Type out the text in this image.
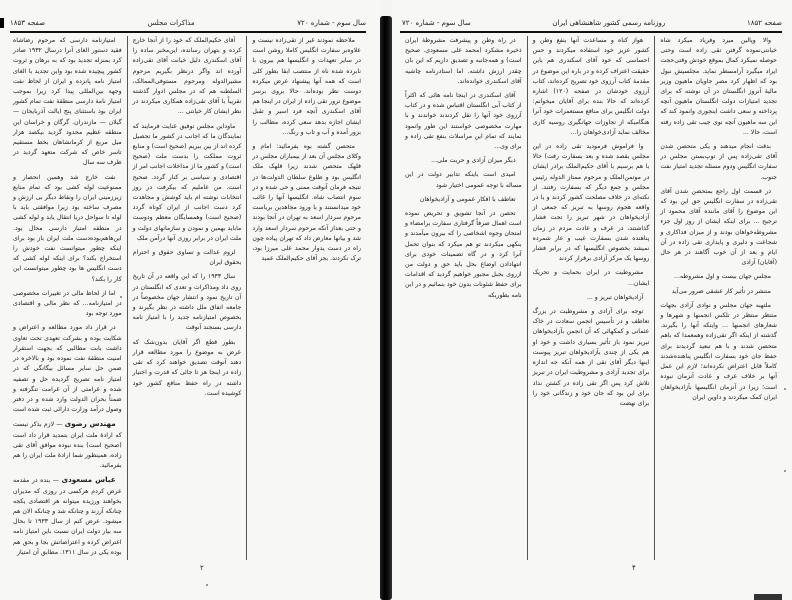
سال سوم - شماره ۷۲۰
مذاکرات مجلس
صفحه ۱۸۵۳

ملاحظه نمودند غیر از تقی‌زاده نیست و علاوه‌بر سفارت انگلیس کاملا روشن است در سایر تعهدات و انگلیسها هم بیرون با نابرده شده ناه از منتصب ابقا بطور کلی است که همه آنها پیشنهاد عرض‌ میکرده دوست نظر بوده‌اند. حالا بروی برسر موضوع ترور تقی زاده از ایران در اینجا هم آقای اسکندری آنچه فرد اسیر و تقبل ایشان اجازه بدهد سعی کرده، مطالب را بزور آمده و آب و تاب و رنگ...

متحصن گشته بوه بفرمائید: امام و وکلای مجلس آن بعد از بیمباران مجلس در قلهک متحصن شدند زیرا قلهک ملک انگلیس بود و طلوع سلطان الدولت‌ها در نتیجه فرمان آنوقت ممنی و حی شده و در سوم انتصاب شاه. انگلیسها آنها را غائب خود میدانستند و با ورود مجاهدین بریاست مرحوم سردار اسعد به تهران در آنجا بودند و حتی بعداز آنکه مرحوم سردار اسعد وارد شد و بیانها معارض داد که تهران پیاده چون راه در دست یدوار محمد علی میرزا بود، ترک نکردند. بجز آقای حکیم‌الملک عمید

آقای حکیم‌الملک که خود را از آنجا خارج کرده و بتهران رسانده، این‌مخبر ساده را آقای اسکندری دلیل خیانت آقای تقی‌زاده آورده اند واگر ‌درنظر بگیریم مرحوم مشیرالدوله ومرحوم مستوفی‌الممالک، السلطنه هم که در مجلس ادوار گذشته تقریباً با آقای تقی‌زاده همکاری میکردند در نظر ایشان کار خیانتی ...

ماوداین مجلس توفیق عنایت فرمایند که نمایندگان ما که اجانب در کشور ما تحصیل کرده اند از بین ببریم (صحیح است) و منابع ثروت مملکت را بدست ملت (صحیح است) و کشور ما از مداخلات اجانب امر از اقتصادی و سیاسی بر کنار گردد. صحیح است. من عاملیم که بیکرفت در روز انتخابات نوشته ام باید کوشش و مجاهدت کرد دست اجانب از ایران کوتاه گردد (صحیح است) وهمسایگان معظم ودوست ماباید بهمین و نمودن و سازمانهای دولت و ملت ایران در برابر روزی آنها درآمن ملک

لزوم عدالت و تساوی حقوق و احترام بحقوق ایران

سال ۱۹۳۳ را که این واقعه در آن تاریخ روی داد ومذاکرات و تعدی که انگلستان در آن تاریخ نمود و انتشار جهان مخصوصاً در جامعه اتفاق ملل داشته در نظر بگیرند و بخصوص امتیازنامه جدید را با امتیاز نامه دارسی بسنجند آنوقت

بطور قطع اگر آقایان بدون‌شک که عرض‌ به موضوع را مورد مطالعه قرار دهند آنوقت تصدیق خواهند کرد که تقی زاده در اینجا هر تا جائی که قدرت و اختیار داشته در راه حفظ منافع کشور خود کوشیده است.

امتیازنامه دارسی که مرحوم رضاشاه فقید دستور الغای آنرا درسال ۱۹۳۲ صادر کرد بمنزله تجدید بود که به برهان و ثروت کشور پیچیده شده بود واین تجدید با الغای امتیاز نامه پانزده و ایران از لحاظ نفت وجهة بین‌المللی پیدا کرد زیرا بموجب امتیاز نامهٔ دارسی منطقهٔ نفت تمام کشور ایران بود باستثنای پنج ایالت آذربایجان — گیلان — مازندران. گرگان و خراسان این منطقه عظیم محدود گردید بیکصد هزار میل مربع از کرمانشاهان بخط مستقیم تاسر خاص که شرکت متعهد گردید در ظرف سه سال

نفت خارج شد وهمین انحصار و ممنوعیت لوله کشی بود که تمام منابع زیرزمینی ایران را ونقاط دیگر بی ارزش و مصرف ساخته بود زیرا موافقتی باید با لوله تا سواحل دریا انتقال یابد و لوله کشی در منطقه امتیاز دارسی محال بود. این‌هاهم‌بوده‌دست ملت ایران باز بود برای اینکه چطور میتوانست نفت خودش را استخراج بکند؟ برای اینکه لوله کشی که دست انگلیس ها بود چطور میتوانست این کار را بکند؟

اما از لحاظ مالی در تغییرات مخصوصی در امتیازنامه... که نظر مالی و اقتصادی مورد توجه بود

در قرار داد مورد مطالعه و اعتراض و شکایت بوده و بشرکت تعهدی تحت تعاوی داشت بابت مطالبی که بجهت استقرار امنیت منطقهٔ نفت نموده بود و بالاخره در ضمن حل سایر مسائل بیگانگی که در امتیاز نامه تصریح گردیده حل و تصفیه شده و غرامتی از آن غرامت تنگرفته و ضمناً بحران الدولت وارد شده و در دفتر وصول درآمد وزارت دارائی ثبت شده است

مهندس رضوی — لازم بذکر نیست که ارادهٔ ملت ایران بتمدید قرار داد است (صحیح است) بنده نبوده موافق آقای تقی زاده، همینطور شما ارادهٔ ملت ایران را هم بفرمائید.

عباس مسعودی — بنده در مقدمه عرض کردم هرکسی در روزی که مدیران بخواهند ورزیده میتوانه هر اقتصادی یکجه چنانکه آرزند و چنانکه شد و چنانکه الان هم میشود. عرض کنم از سال ۱۹۳۳ تا بحال سه بیار دولت ایران نسبت باین امتیاز نامه اعتراض کرده و اعتراضاتش بجا و بحق هم بوده یکی در سال ۱۳۱۱. مطابق آن امتیاز

۲
صفحه ۱۸۵۲
روزنامه رسمی کشور شاهنشاهی ایران
سال سوم - شماره ۷۲۰

والا وپالین میرد وفریاد میکرد شاه خیانتی‌نموده گرفتن تقی زاده است وحتی حوصله نمیکرد کمال بموقع خودش وقتی‌حجت ایراد میگیرد آرامسطر نماید. مجلسیش نبول بود که اظهار کرد مصر جاویان ماهیون وزیر مالیهٔ آنروز انگلستان در آن نوشته که برای تجدید امتیازات دولت انگلستان ماهیون آنچه پرداخته و سعی داشت اینجوری وانمود کند که این سه ماهیون آنچه نوی جیب تقی زاده رفته است، حالا ...

بدقت انجام میدهند و یکی متحصن شدن آقای تقی‌زاده پس از توپ‌بستن مجلس در سفارت انگلیس ودوم مسئله تجدید امتیاز نفت جنوب.

در قسمت اول راجع بمتحصن شدن آقای تقی‌زاده در سفارت انگلیس حق این بود که این موضوع را آقای ماننده آقای محمود از ترجیح ... برای اینکه ایشان از روز اول جزء مشروطه‌خواهان بودند و از میزان فداکاری و شجاعت و دلیری و پایداری تقی زاده در آن ایام و بعد از آن خوب آگاهند در هر حال (آقایان) آزادی

مجلس جهان بیست و اول مشروطه...

منتشر در تأثیر کار عشقی ضرور می‌آید

ملتهبه جهان مجلس و نوادی آزادی بجهات منتظر منتظر در تلکس انجمنها و شهرها و شعارهای انجمنها ... وایتکه آنها را بگیرند. گذشته از اینکه اگر تقی‌زاده وهمعمدا که باهم متحصن شدند و با هم تبعید گردیدند برای حفظ جان خود بسفارت انگلیس پناهنده‌شدند کاملاً قابل‌ اعتراض نکرده‌اند؛ لازم این عمل آنها بر خلاف عرف و عادت آنزمان نبوده است؛ زیرا در آنزمان انگلیسها بآزادیخواهان ایران کمک میکردند و داوین ایران

هواز کناه و مساعدت آنها بنفع وطن و کشور عزیز خود استفاده میکردند و حس احساسی که خود آقای اسکندری هم باین حقیقت اعتراف کرده و در باره این موضوع در مقدمهٔ کتاب آرزوی خود تصریح کرده‌اند، کتاب آرزوی خودشان در صفحه (۱۲۰) اشاره کرده‌اند که حالا بنده برای آقایان میخوانم: دولت انگلیس برای منافع مستعمرات خود آنرا هنگامیکه از تجاوزات جهانگیری روسیه کاری مخالف نماید آزادی‌خواهان را...

وا فراموش فرمودید تقی زاده در این مجلس بقصد شده و بعد بسفارت رفت) حالا با هم برسیم با آقای حکیم‌الملک برادر ایشان در موتمن‌الملک و مرحوم ممتاز الدوله رئیس مجلس و جمع دیگر که بسفارت رفتند. از نکته‌ای در خلاف مصلحت کشور کردند و یا در واقعه هجوم روسها به تبریز که جمعی از آزادیخواهان در شهر تبریز را تحت فشار گذاشتند، در عرف و عادت مردم در زمان پناهنده شدن بسفارت عیب و عار شمرده نمیشد بخصوص انگلیسها که در برابر فشار روسها یک مرکز آزادی برقرار کردند

مشروطیت در ایران بحمایت و تحریک ایشان...

آزادیخواهان تبریز و ...

توجه برای آزادی و مشروطیت در بزرگ تعاطف و در تأسیس انجمن سعادت در خاک عثمانی و کمکهائی که آن انجمن بآزادیخواهان تبریز نمود باز تأثیر بسیاری داشت و خود او هم یکی از چندی بآزادیخواهان تبریز پیوست اینها دیگر آقای تقی از همه آنکه جه اندازه برای تجدید آزادی و مشروطیت ایران در تبریز تلاش کرد پس اگر تقی زاده در کشتن نداد برای این بود که جان خود و زندگانی خود را برای نهضت

در راه وطن و پیشرفت مشروطهٔ ایران ذخیره مشکرد (محمد علی مسعودی. صحیح است) و همه‌جانبه و تصدیق داریم که این بان چقدر ارزش داشته. اما استادرنامه چاشیه آقای اسکندری خوانده‌اند.

آقای اسکندری در اینجا نامه هائی که اکثراً از کتاب آبی انگلستان اقتباس شده و در کتاب آرزوی خود آنها را نقل کردندند خواندند و با مهارت مخصوصی خواستند این طور وانمود نمایند که تمام این مراسلات بنفع تقی زاده و برای وی...

دیگر میزان آزادی و حریت ملی...

امیدی است باینکه تدابیر دولت در این مساله با توجه عمومی اختیار شود

تعاطف با افکار عمومی و آزادیخواهان

تحصن در آنجا تشویق و تحریض نموده است اهمال صرفاً گرفتاری سفارت برامضاء و امتحان وجوه اشخاصی را که بیرون میآمدند و بنکهی میکردند تو هم میکرد که بنوان تحمل آنرا کرد و در گاه تضمینات خودی برای انتهادادن اوضاع بحل باید حق و دولت من ازروی بحبل مجبور خواهیم گردید که اقدامات برای حفظ شئونات بدون خود بنمائیم و در این نامه بطوریکه

۴
